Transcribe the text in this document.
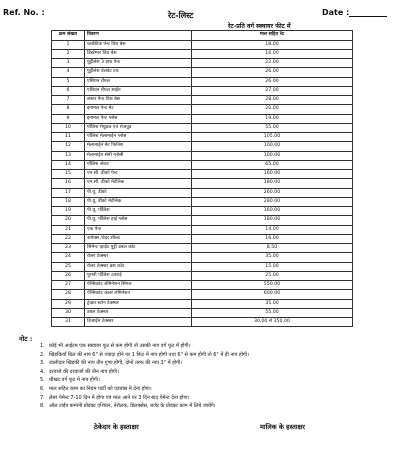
Ref. No. :	रेट-लिस्ट	Date :
रेट-प्रति वर्ग स्क्वायर फीट में
क्रम संख्या	विवरण	माल सहित रेट
1	प्लास्टिक पेन्ट विथ बेस	18.00
2	डिस्टेम्पर विथ बेस	16.00
3	पुट्टीलेश 3 हाथ पेन्ट	22.00
4	पुट्टीलेश वेलवेट टच	26.00
5	एशियन रॉयल	26.00
6	एशियन रॉयल शाईन	27.00
7	लस्टर पेन्ट विथ बेस	28.00
8	इनामल पेन्ट मेट	20.00
9	इनामल पेन्ट ग्लोस	19.00
10	पॉलिश मेथुडल एवं रोजवुड	55.00
11	पॉलिश मेलामाईन ग्लोस	105.00
12	मेलामाईन मेट फिनिश	100.00
13	मेलामाईन सेमी ग्लोसी	100.00
14	पॉलिश लेकर	65.00
15	एन.सी. डीको पेन्ट	160.00
16	एन.सी. डीको मेटेलिक	180.00
17	पी.यू. डीको	260.00
18	पी.यू. डीको मेटेलिक	280.00
19	पी.यू. पॉलिश	160.00
20	पी.यू. पॉलिश हाई ग्लोस	180.00
21	एक पेन्ट	14.00
22	अपेक्स /वेदर शील्ड	16.00
23	सिमेन्ट व्हाईट पुट्टी डबल कोट	8.50
24	रोलर टेक्स्चर	35.00
25	रोलर टेक्स्चर ब्रश कोट	15.00
26	पुरानी पॉलिश उतराई	25.00
27	पेन्सिकोट लेमिनेशन सिंगल	550.00
28	पेन्सिकोट कलर लेमिनेशन	600.00
29	ट्रेक्टर स्टोन टेक्स्चर	35.00
30	डबल टेक्स्चर	55.00
31	डिजाईन टेक्स्चर	30.00 से 350.00
नोट :
1. कोई भी आईटम एक स्क्वायर फूट से कम होगी तो उसकी नाप वर्ग फूट में होगी।
2. खिड़कियाँ ग्रिल की नाप 6" से ज्यादा होने पर 1 फिट में नाप होगी तथा 6" से कम होगी तो 6" में ही नाप होगी।
3. जालीदार खिड़की की नाप तीन गुणा होगी, दोनों तरफ की नाप 3" में होगी।
4. दरवाजे की दरवाजों की तीन नाप होगी।
5. चौखट वर्ग फूट में नाप होगी।
6. माल सहित काम का नियम पार्टी को एडवांस में देना होगा।
7. लेबर पेमेन्ट 7-10 दिन में होगा एवं माल आने पर 3 दिन बाद पेमेन्ट देना होगा।
8. ऑल टाईप कम्पनी प्रोडक्ट एशियन, नेरोलक, डिलक्सेस, बर्जर के प्रोडक्ट काम में लिये जायेंगे।
ठेकेदार के हस्ताक्षर	मालिक के हस्ताक्षर
